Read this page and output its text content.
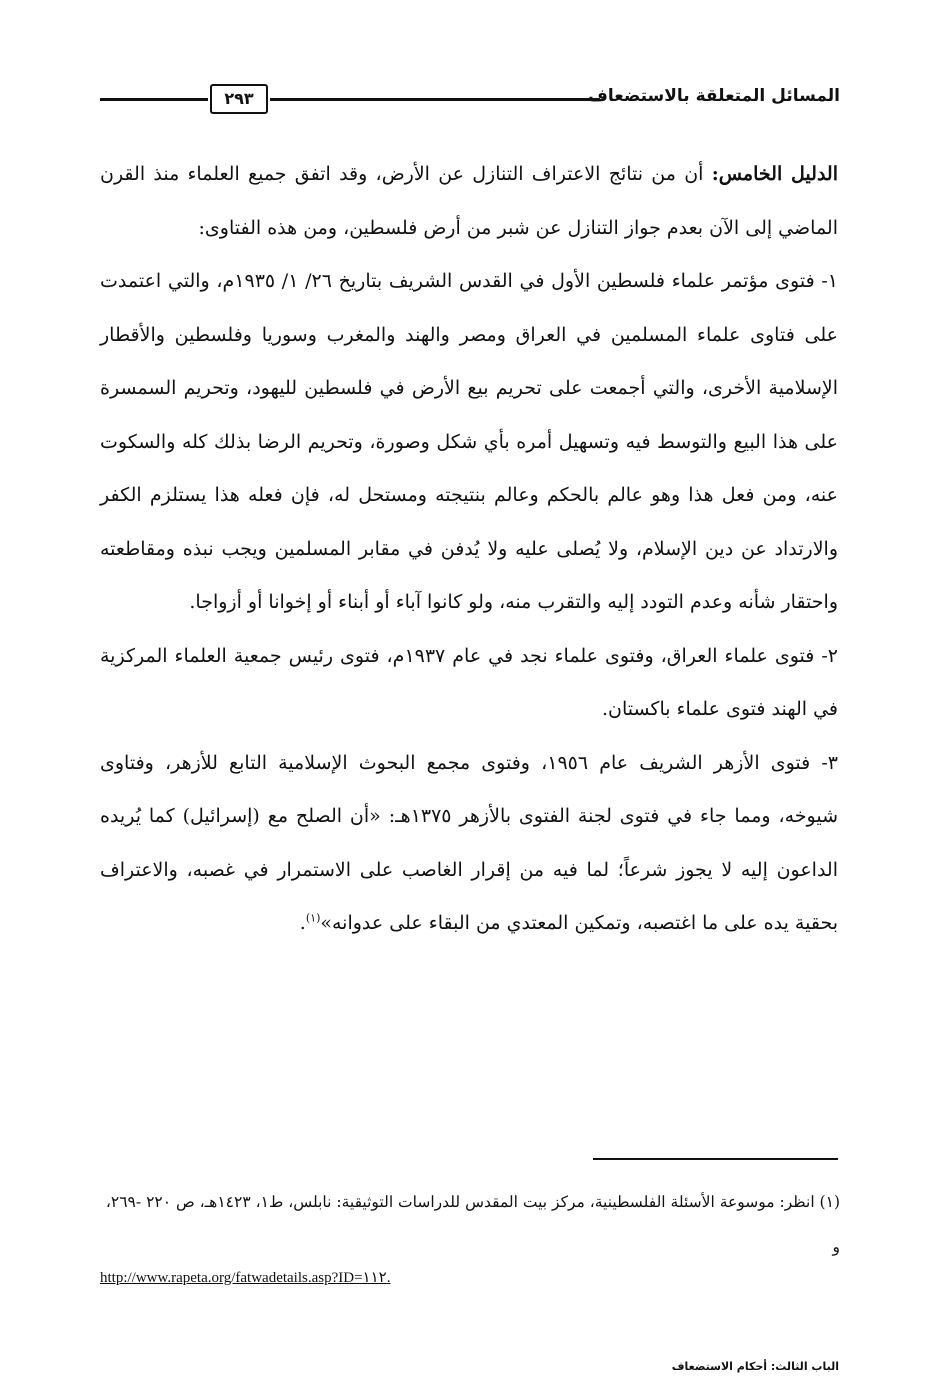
٢٩٣	المسائل المتعلقة بالاستضعاف

الدليل الخامس: أن من نتائج الاعتراف التنازل عن الأرض، وقد اتفق جميع العلماء منذ القرن الماضي إلى الآن بعدم جواز التنازل عن شبر من أرض فلسطين، ومن هذه الفتاوى:

١- فتوى مؤتمر علماء فلسطين الأول في القدس الشريف بتاريخ ٢٦/ ١/ ١٩٣٥م، والتي اعتمدت على فتاوى علماء المسلمين في العراق ومصر والهند والمغرب وسوريا وفلسطين والأقطار الإسلامية الأخرى، والتي أجمعت على تحريم بيع الأرض في فلسطين لليهود، وتحريم السمسرة على هذا البيع والتوسط فيه وتسهيل أمره بأي شكل وصورة، وتحريم الرضا بذلك كله والسكوت عنه، ومن فعل هذا وهو عالم بالحكم وعالم بنتيجته ومستحل له، فإن فعله هذا يستلزم الكفر والارتداد عن دين الإسلام، ولا يُصلى عليه ولا يُدفن في مقابر المسلمين ويجب نبذه ومقاطعته واحتقار شأنه وعدم التودد إليه والتقرب منه، ولو كانوا آباء أو أبناء أو إخوانا أو أزواجا.

٢- فتوى علماء العراق، وفتوى علماء نجد في عام ١٩٣٧م، فتوى رئيس جمعية العلماء المركزية في الهند فتوى علماء باكستان.

٣- فتوى الأزهر الشريف عام ١٩٥٦، وفتوى مجمع البحوث الإسلامية التابع للأزهر، وفتاوى شيوخه، ومما جاء في فتوى لجنة الفتوى بالأزهر ١٣٧٥هـ: «أن الصلح مع (إسرائيل) كما يُريده الداعون إليه لا يجوز شرعاً؛ لما فيه من إقرار الغاصب على الاستمرار في غصبه، والاعتراف بحقية يده على ما اغتصبه، وتمكين المعتدي من البقاء على عدوانه»$^{(١)}$.

(١) انظر: موسوعة الأسئلة الفلسطينية، مركز بيت المقدس للدراسات التوثيقية: نابلس، ط١، ١٤٢٣هـ، ص ٢٢٠ -٢٦٩، و

http://www.rapeta.org/fatwadetails.asp?ID=١١٢.
الباب الثالث: أحكام الاستضعاف
